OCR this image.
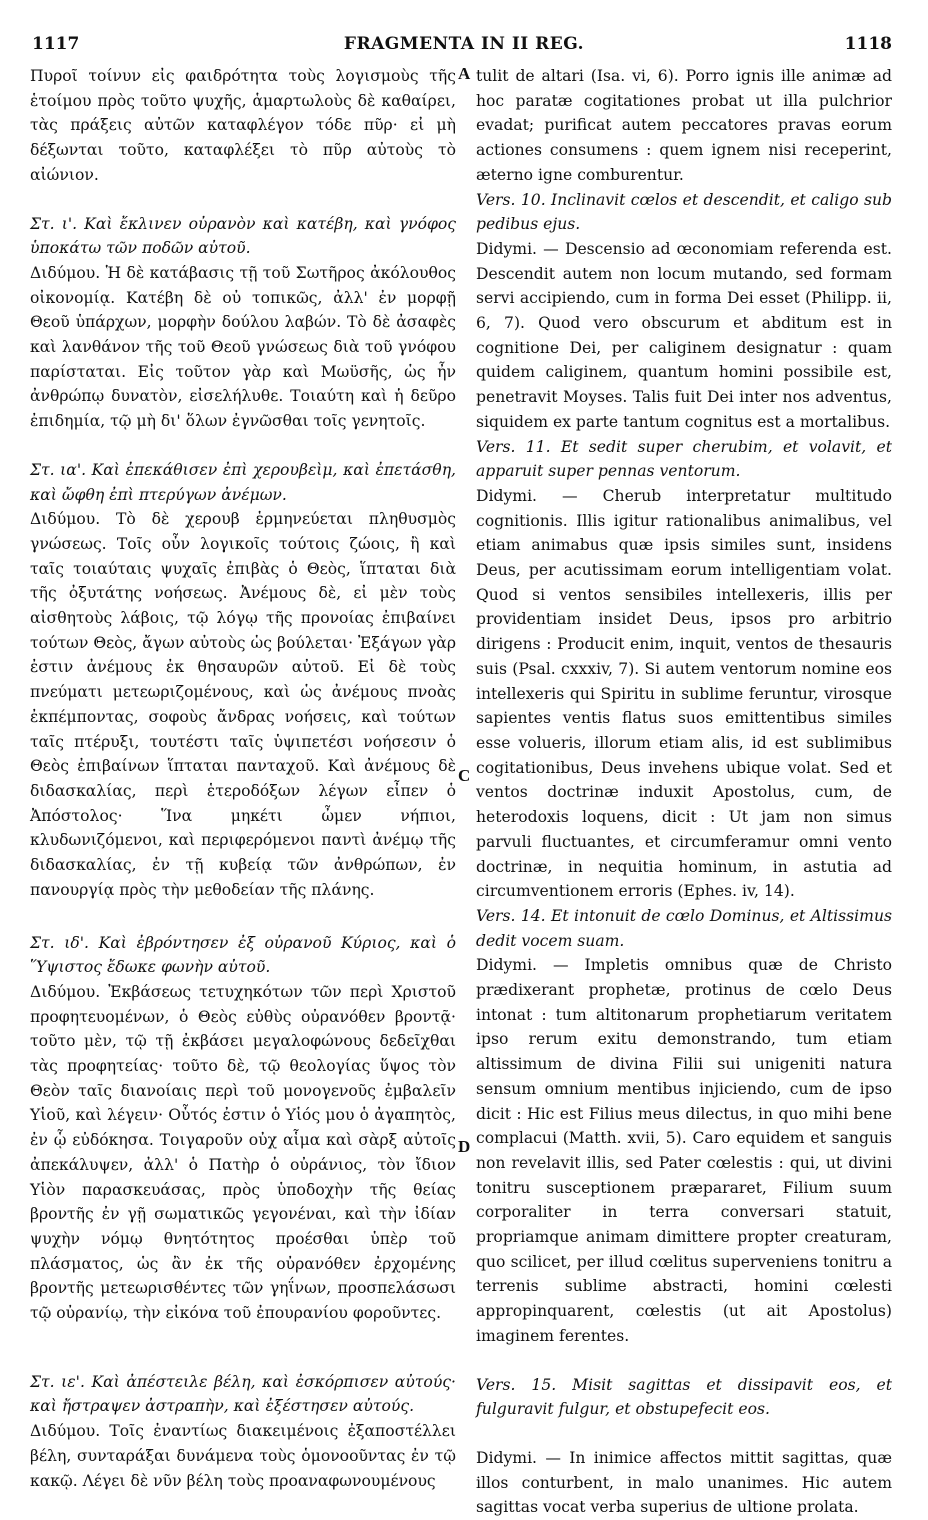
1117	FRAGMENTA IN II REG.	1118
A
C
D

Πυροῖ τοίνυν εἰς φαιδρότητα τοὺς λογισμοὺς τῆς ἑτοίμου πρὸς τοῦτο ψυχῆς, ἁμαρτωλοὺς δὲ καθαίρει, τὰς πράξεις αὐτῶν καταφλέγον τόδε πῦρ· εἰ μὴ δέξωνται τοῦτο, καταφλέξει τὸ πῦρ αὐτοὺς τὸ αἰώνιον.

Στ. ι'. Καὶ ἔκλινεν οὐρανὸν καὶ κατέβη, καὶ γνόφος ὑποκάτω τῶν ποδῶν αὐτοῦ.

Διδύμου. Ἡ δὲ κατάβασις τῇ τοῦ Σωτῆρος ἀκόλουθος οἰκονομίᾳ. Κατέβη δὲ οὐ τοπικῶς, ἀλλ' ἐν μορφῇ Θεοῦ ὑπάρχων, μορφὴν δούλου λαβών. Τὸ δὲ ἀσαφὲς καὶ λανθάνον τῆς τοῦ Θεοῦ γνώσεως διὰ τοῦ γνόφου παρίσταται. Εἰς τοῦτον γὰρ καὶ Μωϋσῆς, ὡς ἦν ἀνθρώπῳ δυνατὸν, εἰσελήλυθε. Τοιαύτη καὶ ἡ δεῦρο ἐπιδημία, τῷ μὴ δι' ὅλων ἐγνῶσθαι τοῖς γενητοῖς.

Στ. ια'. Καὶ ἐπεκάθισεν ἐπὶ χερουβεὶμ, καὶ ἐπετάσθη, καὶ ὤφθη ἐπὶ πτερύγων ἀνέμων.

Διδύμου. Τὸ δὲ χερουβ ἑρμηνεύεται πληθυσμὸς γνώσεως. Τοῖς οὖν λογικοῖς τούτοις ζώοις, ἢ καὶ ταῖς τοιαύταις ψυχαῖς ἐπιβὰς ὁ Θεὸς, ἵπταται διὰ τῆς ὀξυτάτης νοήσεως. Ἀνέμους δὲ, εἰ μὲν τοὺς αἰσθητοὺς λάβοις, τῷ λόγῳ τῆς προνοίας ἐπιβαίνει τούτων Θεὸς, ἄγων αὐτοὺς ὡς βούλεται· Ἐξάγων γὰρ ἐστιν ἀνέμους ἐκ θησαυρῶν αὐτοῦ. Εἰ δὲ τοὺς πνεύματι μετεωριζομένους, καὶ ὡς ἀνέμους πνοὰς ἐκπέμποντας, σοφοὺς ἄνδρας νοήσεις, καὶ τούτων ταῖς πτέρυξι, τουτέστι ταῖς ὑψιπετέσι νοήσεσιν ὁ Θεὸς ἐπιβαίνων ἵπταται πανταχοῦ. Καὶ ἀνέμους δὲ διδασκαλίας, περὶ ἑτεροδόξων λέγων εἶπεν ὁ Ἀπόστολος· Ἵνα μηκέτι ὦμεν νήπιοι, κλυδωνιζόμενοι, καὶ περιφερόμενοι παντὶ ἀνέμῳ τῆς διδασκαλίας, ἐν τῇ κυβείᾳ τῶν ἀνθρώπων, ἐν πανουργίᾳ πρὸς τὴν μεθοδείαν τῆς πλάνης.

Στ. ιδ'. Καὶ ἐβρόντησεν ἐξ οὐρανοῦ Κύριος, καὶ ὁ Ὕψιστος ἔδωκε φωνὴν αὐτοῦ.

Διδύμου. Ἐκβάσεως τετυχηκότων τῶν περὶ Χριστοῦ προφητευομένων, ὁ Θεὸς εὐθὺς οὐρανόθεν βροντᾷ· τοῦτο μὲν, τῷ τῇ ἐκβάσει μεγαλοφώνους δεδεῖχθαι τὰς προφητείας· τοῦτο δὲ, τῷ θεολογίας ὕψος τὸν Θεὸν ταῖς διανοίαις περὶ τοῦ μονογενοῦς ἐμβαλεῖν Υἱοῦ, καὶ λέγειν· Οὗτός ἐστιν ὁ Υἱός μου ὁ ἀγαπητὸς, ἐν ᾧ εὐδόκησα. Τοιγαροῦν οὐχ αἷμα καὶ σὰρξ αὐτοῖς ἀπεκάλυψεν, ἀλλ' ὁ Πατὴρ ὁ οὐράνιος, τὸν ἴδιον Υἱὸν παρασκευάσας, πρὸς ὑποδοχὴν τῆς θείας βροντῆς ἐν γῇ σωματικῶς γεγονέναι, καὶ τὴν ἰδίαν ψυχὴν νόμῳ θνητότητος προέσθαι ὑπὲρ τοῦ πλάσματος, ὡς ἂν ἐκ τῆς οὐρανόθεν ἐρχομένης βροντῆς μετεωρισθέντες τῶν γηΐνων, προσπελάσωσι τῷ οὐρανίῳ, τὴν εἰκόνα τοῦ ἐπουρανίου φοροῦντες.

Στ. ιε'. Καὶ ἀπέστειλε βέλη, καὶ ἐσκόρπισεν αὐτούς· καὶ ἤστραψεν ἀστραπὴν, καὶ ἐξέστησεν αὐτούς.

Διδύμου. Τοῖς ἐναντίως διακειμένοις ἐξαποστέλλει βέλη, συνταράξαι δυνάμενα τοὺς ὁμονοοῦντας ἐν τῷ κακῷ. Λέγει δὲ νῦν βέλη τοὺς προαναφωνουμένους

tulit de altari (Isa. vi, 6). Porro ignis ille animæ ad hoc paratæ cogitationes probat ut illa pulchrior evadat; purificat autem peccatores pravas eorum actiones consumens : quem ignem nisi receperint, æterno igne comburentur.

Vers. 10. Inclinavit cœlos et descendit, et caligo sub pedibus ejus.

Didymi. — Descensio ad œconomiam referenda est. Descendit autem non locum mutando, sed formam servi accipiendo, cum in forma Dei esset (Philipp. ii, 6, 7). Quod vero obscurum et abditum est in cognitione Dei, per caliginem designatur : quam quidem caliginem, quantum homini possibile est, penetravit Moyses. Talis fuit Dei inter nos adventus, siquidem ex parte tantum cognitus est a mortalibus.

Vers. 11. Et sedit super cherubim, et volavit, et apparuit super pennas ventorum.

Didymi. — Cherub interpretatur multitudo cognitionis. Illis igitur rationalibus animalibus, vel etiam animabus quæ ipsis similes sunt, insidens Deus, per acutissimam eorum intelligentiam volat. Quod si ventos sensibiles intellexeris, illis per providentiam insidet Deus, ipsos pro arbitrio dirigens : Producit enim, inquit, ventos de thesauris suis (Psal. cxxxiv, 7). Si autem ventorum nomine eos intellexeris qui Spiritu in sublime feruntur, virosque sapientes ventis flatus suos emittentibus similes esse volueris, illorum etiam alis, id est sublimibus cogitationibus, Deus invehens ubique volat. Sed et ventos doctrinæ induxit Apostolus, cum, de heterodoxis loquens, dicit : Ut jam non simus parvuli fluctuantes, et circumferamur omni vento doctrinæ, in nequitia hominum, in astutia ad circumventionem erroris (Ephes. iv, 14).

Vers. 14. Et intonuit de cœlo Dominus, et Altissimus dedit vocem suam.

Didymi. — Impletis omnibus quæ de Christo prædixerant prophetæ, protinus de cœlo Deus intonat : tum altitonarum prophetiarum veritatem ipso rerum exitu demonstrando, tum etiam altissimum de divina Filii sui unigeniti natura sensum omnium mentibus injiciendo, cum de ipso dicit : Hic est Filius meus dilectus, in quo mihi bene complacui (Matth. xvii, 5). Caro equidem et sanguis non revelavit illis, sed Pater cœlestis : qui, ut divini tonitru susceptionem præpararet, Filium suum corporaliter in terra conversari statuit, propriamque animam dimittere propter creaturam, quo scilicet, per illud cœlitus superveniens tonitru a terrenis sublime abstracti, homini cœlesti appropinquarent, cœlestis (ut ait Apostolus) imaginem ferentes.

Vers. 15. Misit sagittas et dissipavit eos, et fulguravit fulgur, et obstupefecit eos.

Didymi. — In inimice affectos mittit sagittas, quæ illos conturbent, in malo unanimes. Hic autem sagittas vocat verba superius de ultione prolata.
